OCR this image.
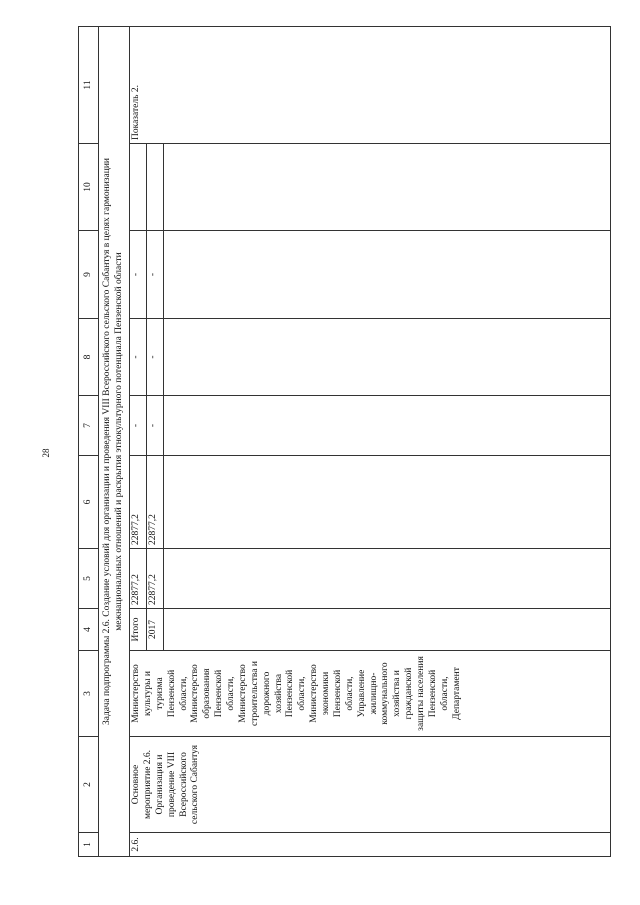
28
1	2	3	4	5	6	7	8	9	10	11

Задача подпрограммы 2.6. Создание условий для организации и проведения VIII Всероссийского сельского Сабантуя в целях гармонизации межнациональных отношений и раскрытия этнокультурного потенциала Пензенской области										

2.6.	Основное мероприятие 2.6. Организация и проведение VIII Всероссийского сельского Сабантуя	Министерство культуры и туризма Пензенской области, Министерство образования Пензенской области, Министерство строительства и дорожного хозяйства Пензенской области, Министерство экономики Пензенской области, Управление жилищно-коммунального хозяйства и гражданской защиты населения Пензенской области, Департамент	Итого	22877,2	22877,2	-	-	-		Показатель 2.
			2017	22877,2	22877,2	-	-	-		
